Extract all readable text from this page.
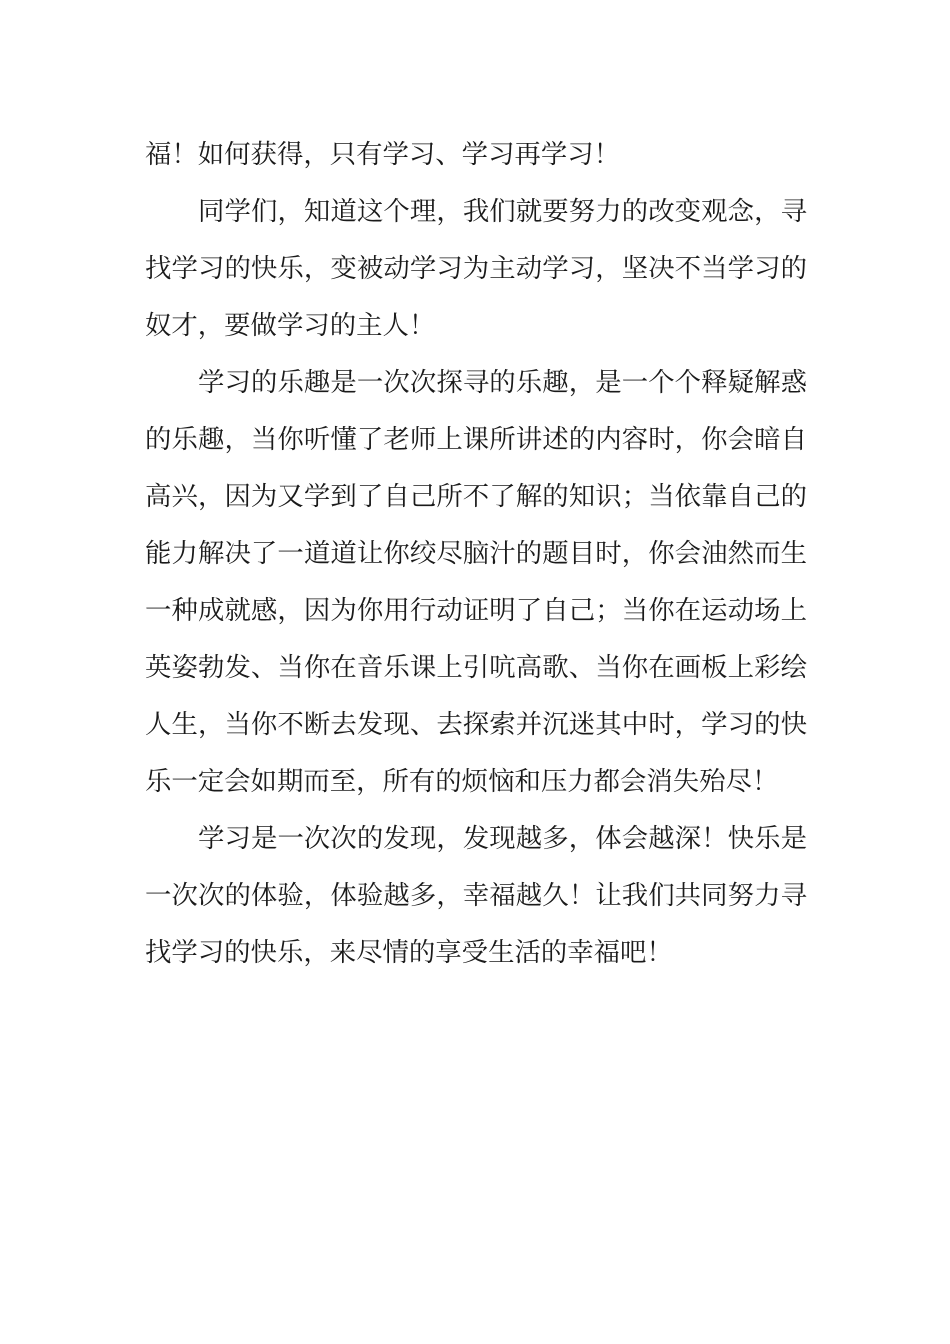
福！如何获得，只有学习、学习再学习！
同学们，知道这个理，我们就要努力的改变观念，寻
找学习的快乐，变被动学习为主动学习，坚决不当学习的
奴才，要做学习的主人！
学习的乐趣是一次次探寻的乐趣，是一个个释疑解惑
的乐趣，当你听懂了老师上课所讲述的内容时，你会暗自
高兴，因为又学到了自己所不了解的知识；当依靠自己的
能力解决了一道道让你绞尽脑汁的题目时，你会油然而生
一种成就感，因为你用行动证明了自己；当你在运动场上
英姿勃发、当你在音乐课上引吭高歌、当你在画板上彩绘
人生，当你不断去发现、去探索并沉迷其中时，学习的快
乐一定会如期而至，所有的烦恼和压力都会消失殆尽！
学习是一次次的发现，发现越多，体会越深！快乐是
一次次的体验，体验越多，幸福越久！让我们共同努力寻
找学习的快乐，来尽情的享受生活的幸福吧！
